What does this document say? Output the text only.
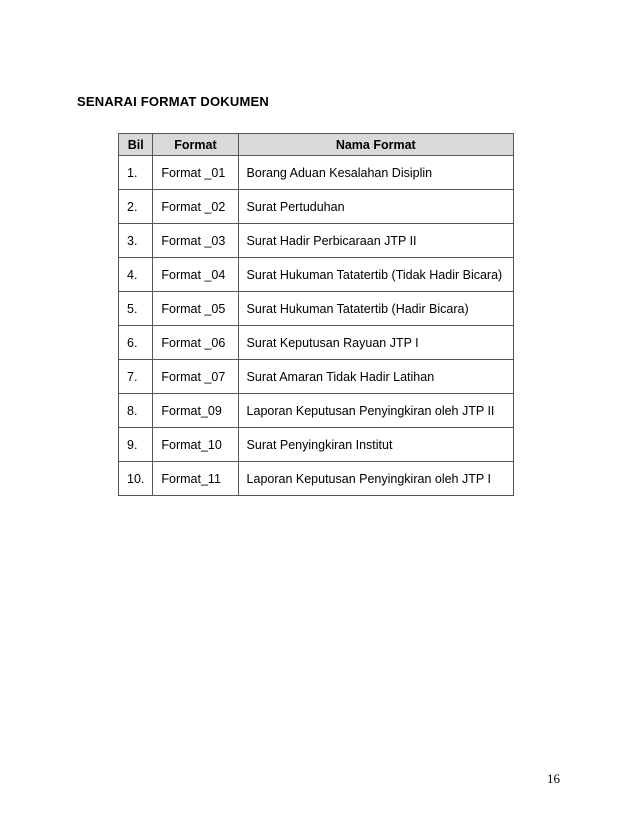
SENARAI FORMAT DOKUMEN
Bil	Format	Nama Format
1.	Format _01	Borang Aduan Kesalahan Disiplin
2.	Format _02	Surat Pertuduhan
3.	Format _03	Surat Hadir Perbicaraan JTP II
4.	Format _04	Surat Hukuman Tatatertib (Tidak Hadir Bicara)
5.	Format _05	Surat Hukuman Tatatertib (Hadir Bicara)
6.	Format _06	Surat Keputusan Rayuan JTP I
7.	Format _07	Surat Amaran Tidak Hadir Latihan
8.	Format_09	Laporan Keputusan Penyingkiran oleh JTP II
9.	Format_10	Surat Penyingkiran Institut
10.	Format_11	Laporan Keputusan Penyingkiran oleh JTP I
16
